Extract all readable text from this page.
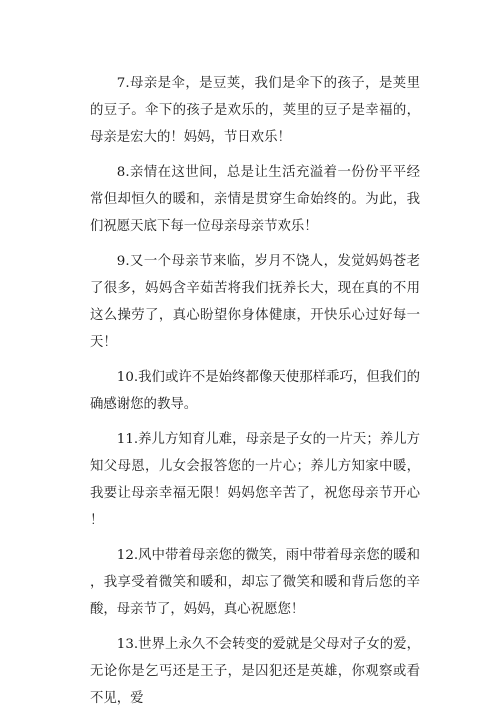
7.母亲是伞，是豆荚，我们是伞下的孩子，是荚里的豆子。伞下的孩子是欢乐的，荚里的豆子是幸福的，母亲是宏大的！妈妈，节日欢乐！

8.亲情在这世间，总是让生活充溢着一份份平平经常但却恒久的暖和，亲情是贯穿生命始终的。为此，我们祝愿天底下每一位母亲母亲节欢乐！

9.又一个母亲节来临，岁月不饶人，发觉妈妈苍老了很多，妈妈含辛茹苦将我们抚养长大，现在真的不用这么操劳了，真心盼望你身体健康，开快乐心过好每一天！

10.我们或许不是始终都像天使那样乖巧，但我们的确感谢您的教导。

11.养儿方知育儿难，母亲是子女的一片天；养儿方知父母恩，儿女会报答您的一片心；养儿方知家中暖，我要让母亲幸福无限！妈妈您辛苦了，祝您母亲节开心！

12.风中带着母亲您的微笑，雨中带着母亲您的暖和，我享受着微笑和暖和，却忘了微笑和暖和背后您的辛酸，母亲节了，妈妈，真心祝愿您！

13.世界上永久不会转变的爱就是父母对子女的爱，无论你是乞丐还是王子，是囚犯还是英雄，你观察或看不见，爱
